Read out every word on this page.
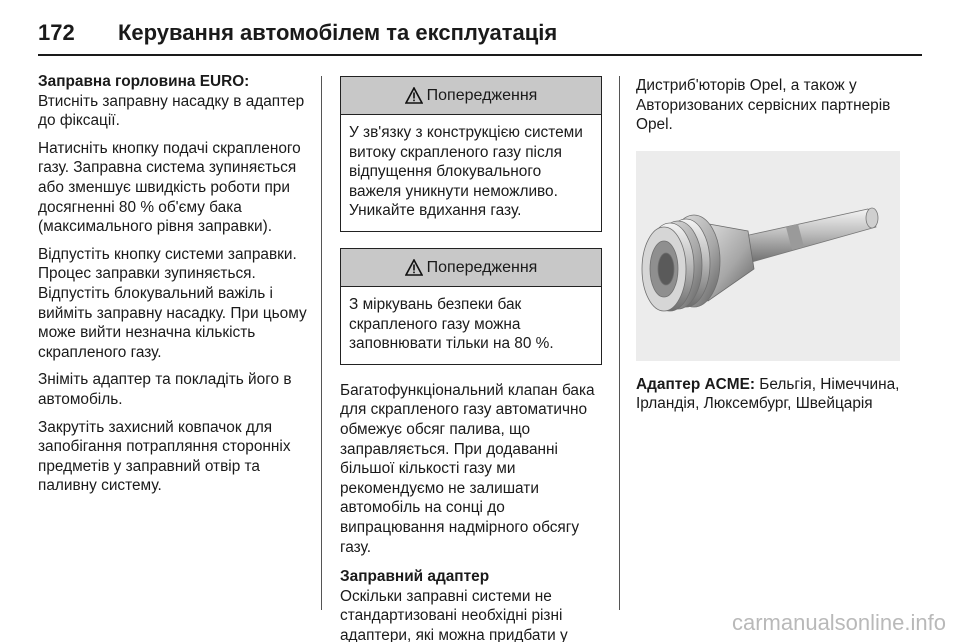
172 Керування автомобілем та експлуатація
Заправна горловина EURO:
Втисніть заправну насадку в адаптер до фіксації.
Натисніть кнопку подачі скрапленого газу. Заправна система зупиняється або зменшує швидкість роботи при досягненні 80 % об'єму бака (максимального рівня заправки).
Відпустіть кнопку системи заправки. Процес заправки зупиняється. Відпустіть блокувальний важіль і вийміть заправну насадку. При цьому може вийти незначна кількість скрапленого газу.
Зніміть адаптер та покладіть його в автомобіль.
Закрутіть захисний ковпачок для запобігання потрапляння сторонніх предметів у заправний отвір та паливну систему.
Попередження
У зв'язку з конструкцією системи витоку скрапленого газу після відпущення блокувального важеля уникнути неможливо. Уникайте вдихання газу.
Попередження
З міркувань безпеки бак скрапленого газу можна заповнювати тільки на 80 %.
Багатофункціональний клапан бака для скрапленого газу автоматично обмежує обсяг палива, що заправляється. При додаванні більшої кількості газу ми рекомендуємо не залишати автомобіль на сонці до випрацювання надмірного обсягу газу.
Заправний адаптер
Оскільки заправні системи не стандартизовані необхідні різні адаптери, які можна придбати у
Дистриб'юторів Opel, а також у Авторизованих сервісних партнерів Opel.
Адаптер ACME: Бельгія, Німеччина, Ірландія, Люксембург, Швейцарія
carmanualsonline.info
